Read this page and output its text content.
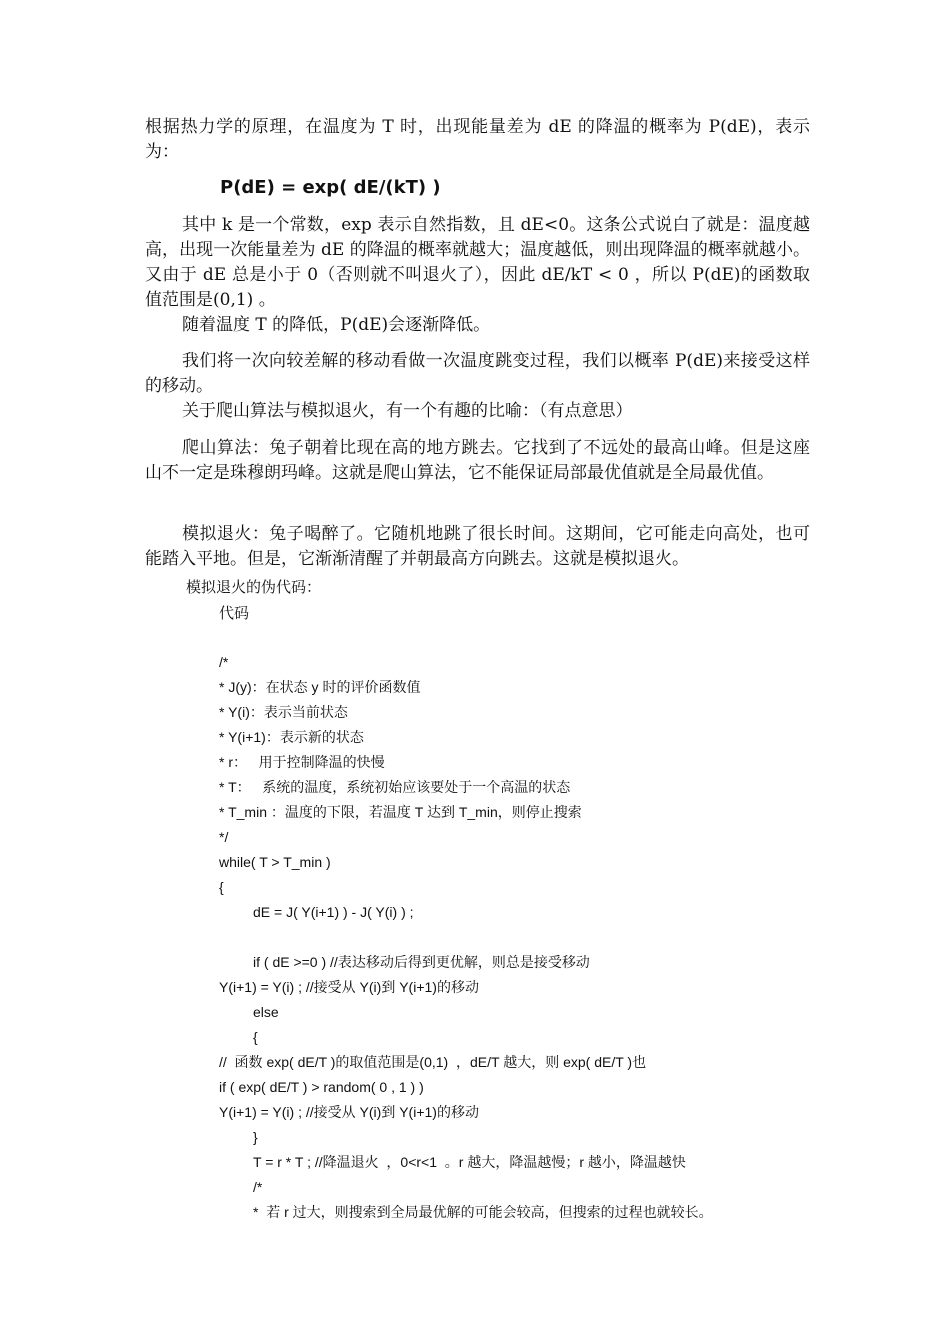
根据热力学的原理，在温度为 T 时，出现能量差为 dE 的降温的概率为 P(dE)，表示为：

P(dE) = exp( dE/(kT) )

其中 k 是一个常数，exp 表示自然指数，且 dE<0。这条公式说白了就是：温度越高，出现一次能量差为 dE 的降温的概率就越大；温度越低，则出现降温的概率就越小。又由于 dE 总是小于 0（否则就不叫退火了），因此 dE/kT < 0 ，所以 P(dE)的函数取值范围是(0,1) 。

随着温度 T 的降低，P(dE)会逐渐降低。

我们将一次向较差解的移动看做一次温度跳变过程，我们以概率 P(dE)来接受这样的移动。

关于爬山算法与模拟退火，有一个有趣的比喻：（有点意思）

爬山算法：兔子朝着比现在高的地方跳去。它找到了不远处的最高山峰。但是这座山不一定是珠穆朗玛峰。这就是爬山算法，它不能保证局部最优值就是全局最优值。

模拟退火：兔子喝醉了。它随机地跳了很长时间。这期间，它可能走向高处，也可能踏入平地。但是，它渐渐清醒了并朝最高方向跳去。这就是模拟退火。

模拟退火的伪代码：
代码
/*
* J(y)：在状态 y 时的评价函数值
* Y(i)：表示当前状态
* Y(i+1)：表示新的状态
* r：   用于控制降温的快慢
* T：   系统的温度，系统初始应该要处于一个高温的状态
* T_min ：温度的下限，若温度 T 达到 T_min，则停止搜索
*/
while( T > T_min )
{
dE = J( Y(i+1) ) - J( Y(i) ) ;
if ( dE >=0 ) //表达移动后得到更优解，则总是接受移动
Y(i+1) = Y(i) ; //接受从 Y(i)到 Y(i+1)的移动
else
{
//  函数 exp( dE/T )的取值范围是(0,1)  ，dE/T 越大，则 exp( dE/T )也
if ( exp( dE/T ) > random( 0 , 1 ) )
Y(i+1) = Y(i) ; //接受从 Y(i)到 Y(i+1)的移动
}
T = r * T ; //降温退火  ，0<r<1  。r 越大，降温越慢；r 越小，降温越快
/*
*  若 r 过大，则搜索到全局最优解的可能会较高，但搜索的过程也就较长。
